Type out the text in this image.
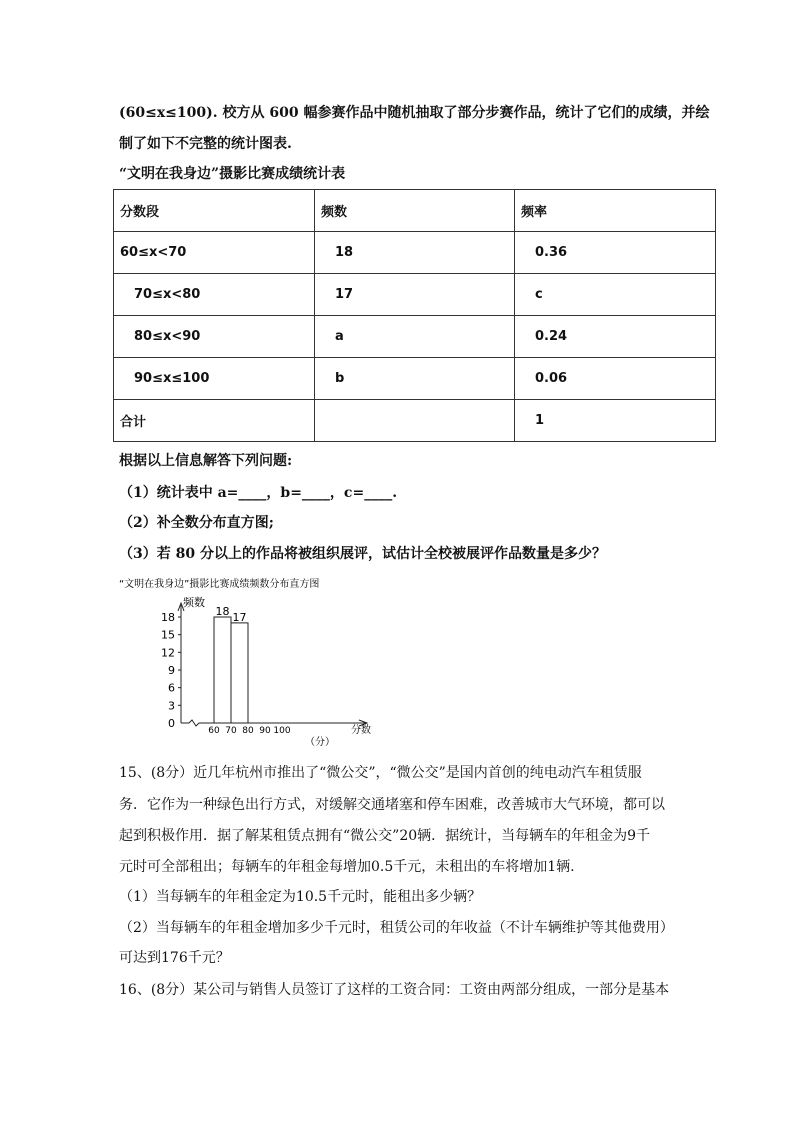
(60≤x≤100). 校方从 600 幅参赛作品中随机抽取了部分步赛作品，统计了它们的成绩，并绘
制了如下不完整的统计图表.
“文明在我身边”摄影比赛成绩统计表
分数段	频数	频率
60≤x<70	18	0.36
70≤x<80	17	c
80≤x<90	a	0.24
90≤x≤100	b	0.06
合计		1
根据以上信息解答下列问题:
（1）统计表中 a=____，b=____，c=____.
（2）补全数分布直方图;
（3）若 80 分以上的作品将被组织展评，试估计全校被展评作品数量是多少？
“文明在我身边”摄影比赛成绩频数分布直方图
频数
分数
（分）
0
3
6
9
12
15
18
60 70 80 90 100
18 17
15、(8分）近几年杭州市推出了“微公交”，“微公交”是国内首创的纯电动汽车租赁服
务．它作为一种绿色出行方式，对缓解交通堵塞和停车困难，改善城市大气环境，都可以
起到积极作用．据了解某租赁点拥有“微公交”20辆．据统计，当每辆车的年租金为9千
元时可全部租出；每辆车的年租金每增加0.5千元，未租出的车将增加1辆.
（1）当每辆车的年租金定为10.5千元时，能租出多少辆？
（2）当每辆车的年租金增加多少千元时，租赁公司的年收益（不计车辆维护等其他费用）
可达到176千元？
16、(8分）某公司与销售人员签订了这样的工资合同：工资由两部分组成，一部分是基本
